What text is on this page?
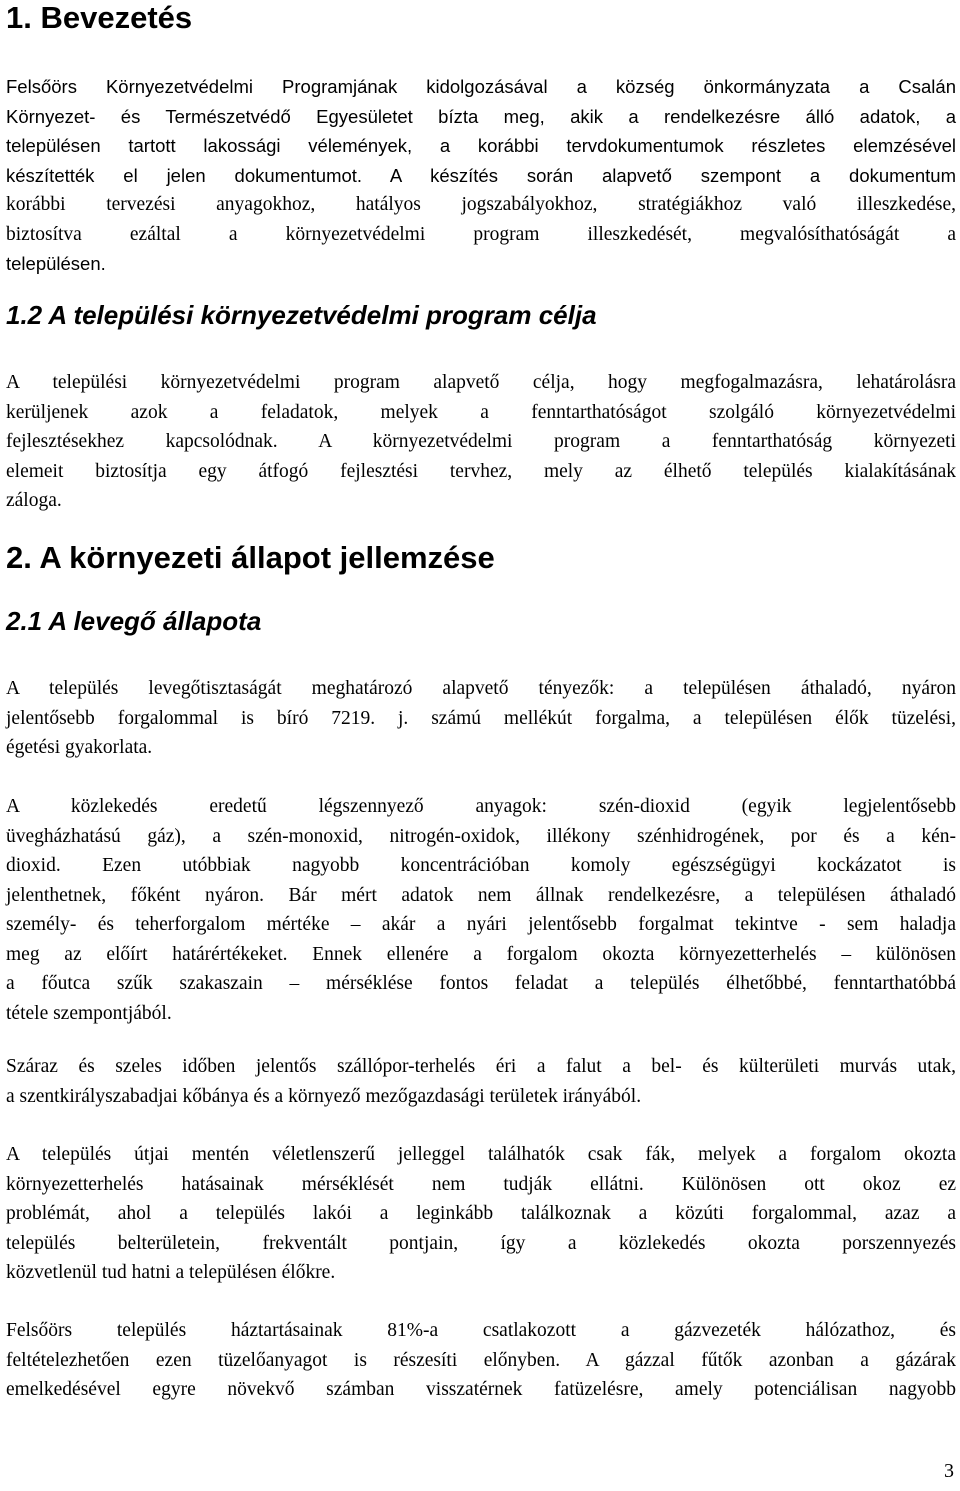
1. Bevezetés
Felsőörs Környezetvédelmi Programjának kidolgozásával a község önkormányzata a Csalán
Környezet- és Természetvédő Egyesületet bízta meg, akik a rendelkezésre álló adatok, a
településen tartott lakossági vélemények, a korábbi tervdokumentumok részletes elemzésével
készítették el jelen dokumentumot. A készítés során alapvető szempont a dokumentum
korábbi tervezési anyagokhoz, hatályos jogszabályokhoz, stratégiákhoz való illeszkedése,
biztosítva ezáltal a környezetvédelmi program illeszkedését, megvalósíthatóságát a
településen.
1.2 A települési környezetvédelmi program célja
A települési környezetvédelmi program alapvető célja, hogy megfogalmazásra, lehatárolásra
kerüljenek azok a feladatok, melyek a fenntarthatóságot szolgáló környezetvédelmi
fejlesztésekhez kapcsolódnak. A környezetvédelmi program a fenntarthatóság környezeti
elemeit biztosítja egy átfogó fejlesztési tervhez, mely az élhető település kialakításának
záloga.
2. A környezeti állapot jellemzése
2.1 A levegő állapota
A település levegőtisztaságát meghatározó alapvető tényezők: a településen áthaladó, nyáron
jelentősebb forgalommal is bíró 7219. j. számú mellékút forgalma, a településen élők tüzelési,
égetési gyakorlata.
A közlekedés eredetű légszennyező anyagok: szén-dioxid (egyik legjelentősebb
üvegházhatású gáz), a szén-monoxid, nitrogén-oxidok, illékony szénhidrogének, por és a kén-
dioxid. Ezen utóbbiak nagyobb koncentrációban komoly egészségügyi kockázatot is
jelenthetnek, főként nyáron. Bár mért adatok nem állnak rendelkezésre, a településen áthaladó
személy- és teherforgalom mértéke – akár a nyári jelentősebb forgalmat tekintve - sem haladja
meg az előírt határértékeket. Ennek ellenére a forgalom okozta környezetterhelés – különösen
a főutca szűk szakaszain – mérséklése fontos feladat a település élhetőbbé, fenntarthatóbbá
tétele szempontjából.
Száraz és szeles időben jelentős szállópor-terhelés éri a falut a bel- és külterületi murvás utak,
a szentkirályszabadjai kőbánya és a környező mezőgazdasági területek irányából.
A település útjai mentén véletlenszerű jelleggel találhatók csak fák, melyek a forgalom okozta
környezetterhelés hatásainak mérséklését nem tudják ellátni. Különösen ott okoz ez
problémát, ahol a település lakói a leginkább találkoznak a közúti forgalommal, azaz a
település belterületein, frekventált pontjain, így a közlekedés okozta porszennyezés
közvetlenül tud hatni a településen élőkre.
Felsőörs település háztartásainak 81%-a csatlakozott a gázvezeték hálózathoz, és
feltételezhetően ezen tüzelőanyagot is részesíti előnyben. A gázzal fűtők azonban a gázárak
emelkedésével egyre növekvő számban visszatérnek fatüzelésre, amely potenciálisan nagyobb
3
